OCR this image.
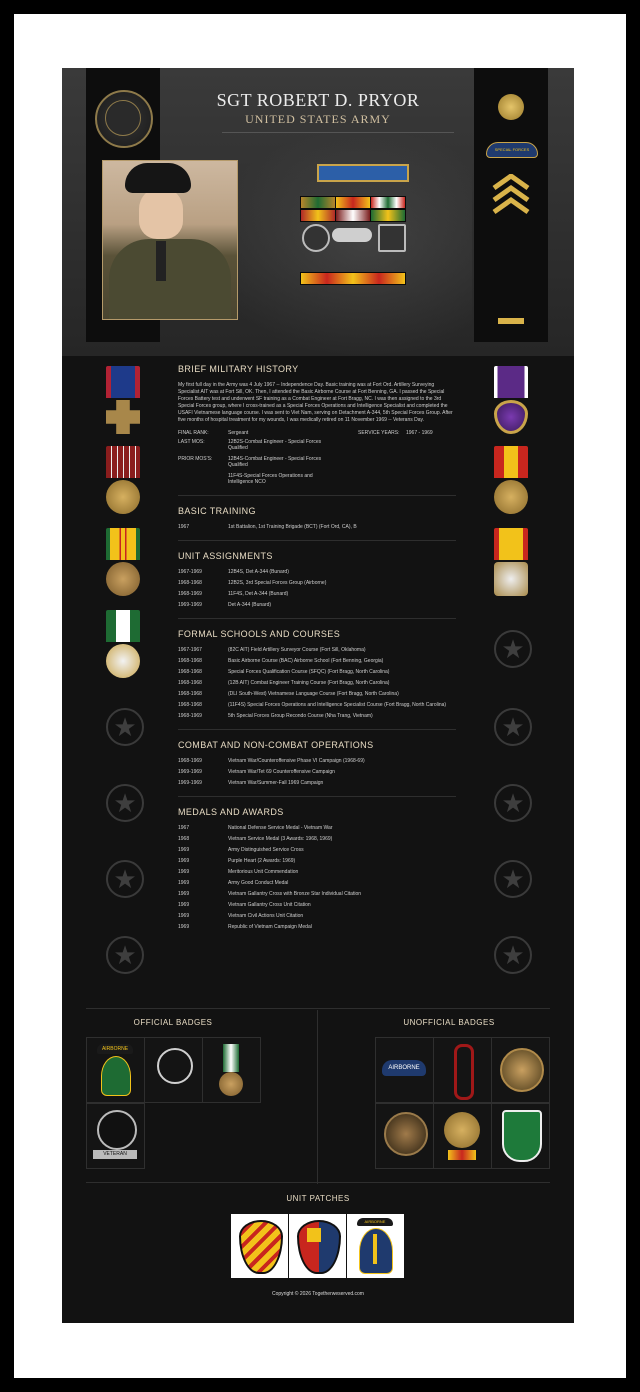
SGT ROBERT D. PRYOR
UNITED STATES ARMY
SPECIAL FORCES
★
★
★
★
★
★
★
★
★
BRIEF MILITARY HISTORY
My first full day in the Army was 4 July 1967 -- Independence Day. Basic training was at Fort Ord. Artillery Surveying Specialist AIT was at Fort Sill, OK. Then, I attended the Basic Airborne Course at Fort Benning, GA. I passed the Special Forces Battery test and underwent SF training as a Combat Engineer at Fort Bragg, NC. I was then assigned to the 3rd Special Forces group, where I cross-trained as a Special Forces Operations and Intelligence Specialist and completed the USAFI Vietnamese language course. I was sent to Viet Nam, serving on Detachment A-344, 5th Special Forces Group. After five months of hospital treatment for my wounds, I was medically retired on 11 November 1969 -- Veterans Day.
FINAL RANK:	Sergeant	SERVICE YEARS:	1967 - 1969
LAST MOS:	12B2S-Combat Engineer - Special Forces Qualified
PRIOR MOS'S:	12B4S-Combat Engineer - Special Forces Qualified
11F4S-Special Forces Operations and Intelligence NCO
BASIC TRAINING
1967	1st Battalion, 1st Training Brigade (BCT) (Fort Ord, CA), B
UNIT ASSIGNMENTS
1967-1969	12B4S, Det A-344 (Bunard)
1968-1968	12B2S, 3rd Special Forces Group (Airborne)
1968-1969	11F4S, Det A-344 (Bunard)
1969-1969	Det A-344 (Bunard)
FORMAL SCHOOLS AND COURSES
1967-1967	(82C AIT) Field Artillery Surveyor Course (Fort Sill, Oklahoma)
1968-1968	Basic Airborne Course (BAC) Airborne School (Fort Benning, Georgia)
1968-1968	Special Forces Qualification Course (SFQC) (Fort Bragg, North Carolina)
1968-1968	(12B AIT) Combat Engineer Training Course (Fort Bragg, North Carolina)
1968-1968	(DLI South-West) Vietnamese Language Course (Fort Bragg, North Carolina)
1968-1968	(11F4S) Special Forces Operations and Intelligence Specialist Course (Fort Bragg, North Carolina)
1968-1969	5th Special Forces Group Recondo Course (Nha Trang, Vietnam)
COMBAT AND NON-COMBAT OPERATIONS
1968-1969	Vietnam War/Counteroffensive Phase VI Campaign (1968-69)
1969-1969	Vietnam War/Tet 69 Counteroffensive Campaign
1969-1969	Vietnam War/Summer-Fall 1969 Campaign
MEDALS AND AWARDS
1967	National Defense Service Medal - Vietnam War
1968	Vietnam Service Medal (3 Awards: 1968, 1969)
1969	Army Distinguished Service Cross
1969	Purple Heart (2 Awards: 1969)
1969	Meritorious Unit Commendation
1969	Army Good Conduct Medal
1969	Vietnam Gallantry Cross with Bronze Star Individual Citation
1969	Vietnam Gallantry Cross Unit Citation
1969	Vietnam Civil Actions Unit Citation
1969	Republic of Vietnam Campaign Medal
OFFICIAL BADGES	UNOFFICIAL BADGES
AIRBORNE
VETERAN
AIRBORNE
UNIT PATCHES
AIRBORNE
Copyright © 2026 Togetherweserved.com
